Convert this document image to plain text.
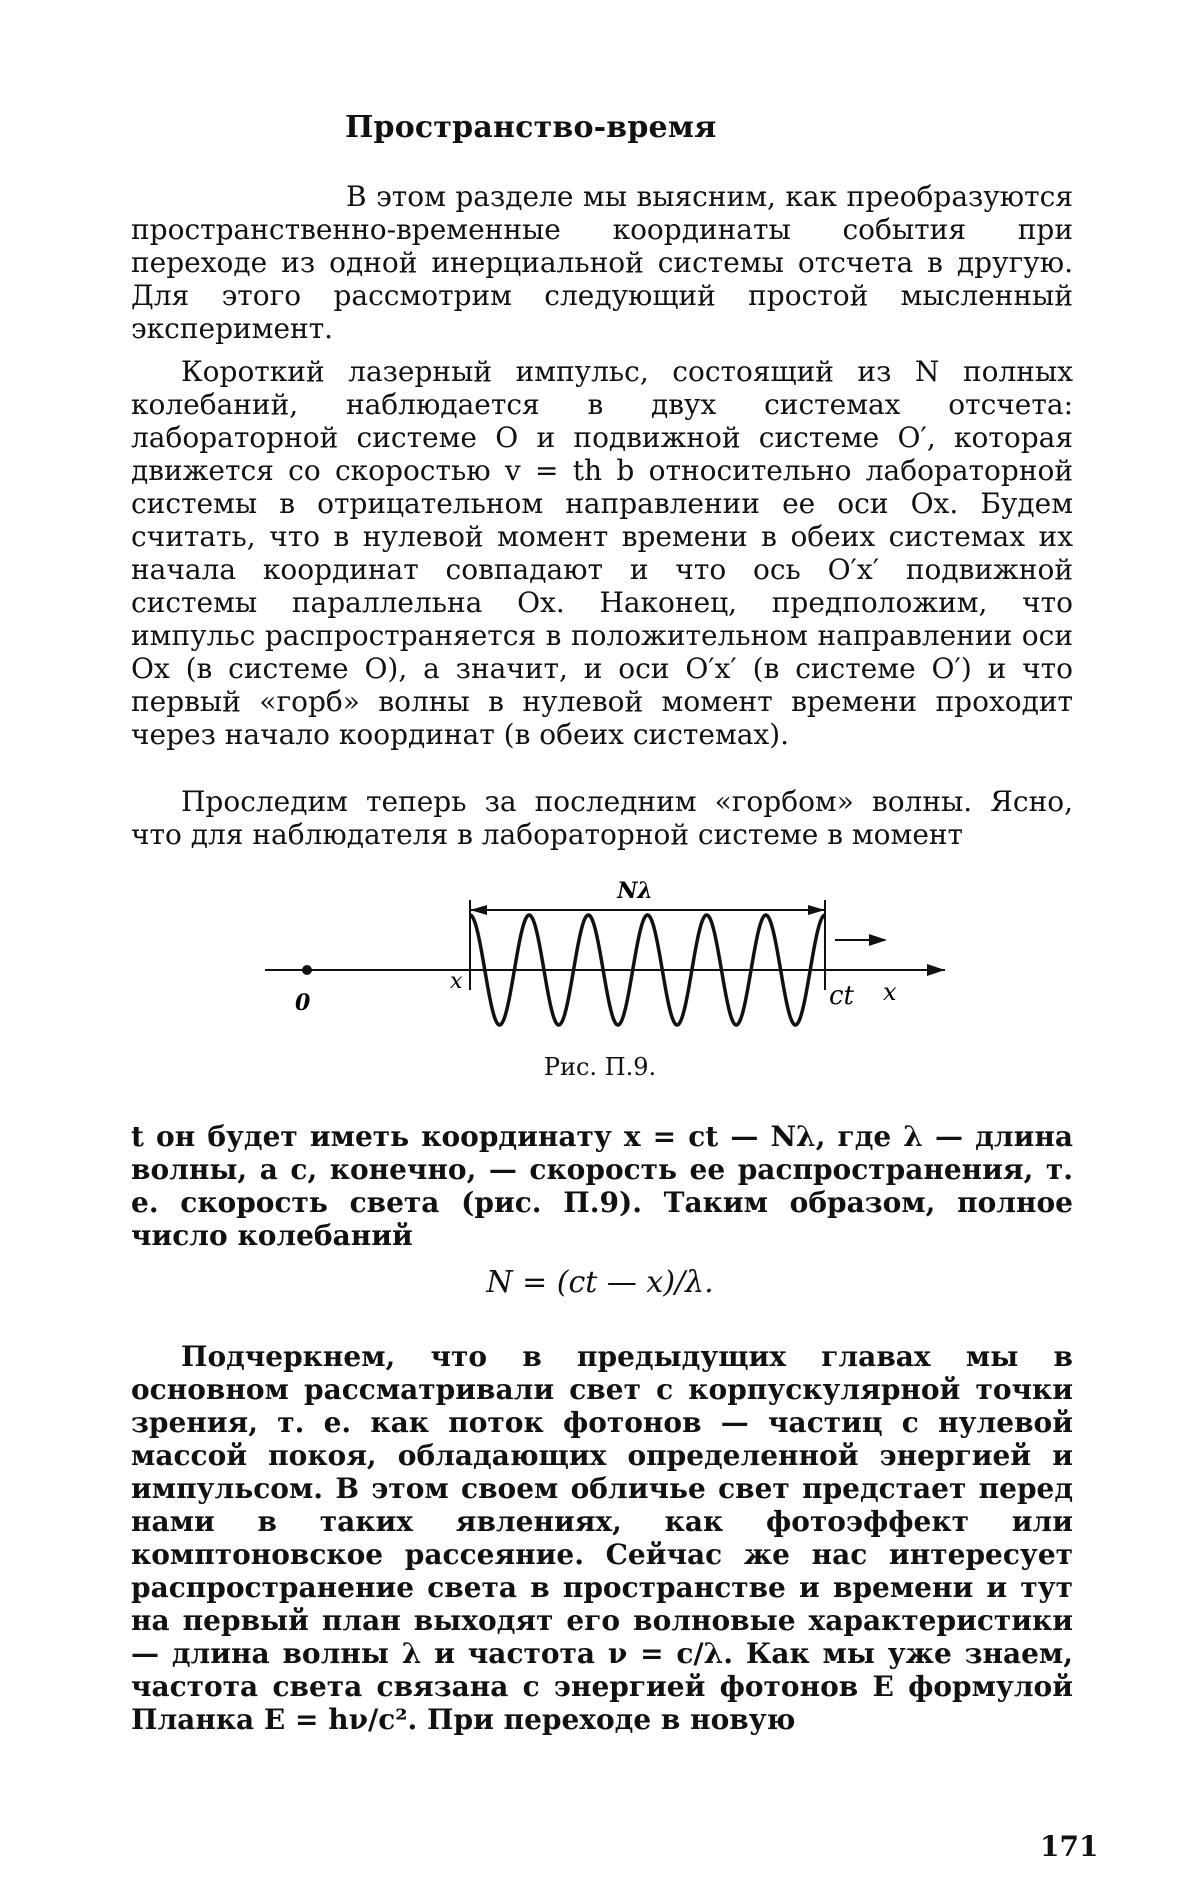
Пространство-время

В этом разделе мы выясним, как преобразуются пространственно-временные координаты события при переходе из одной инерциальной системы отсчета в другую. Для этого рассмотрим следующий простой мысленный эксперимент.

Короткий лазерный импульс, состоящий из N полных колебаний, наблюдается в двух системах отсчета: лабораторной системе O и подвижной системе O′, которая движется со скоростью v = th b относительно лабораторной системы в отрицательном направлении ее оси Ox. Будем считать, что в нулевой момент времени в обеих системах их начала координат совпадают и что ось O′x′ подвижной системы параллельна Ox. Наконец, предположим, что импульс распространяется в положительном направлении оси Ox (в системе O), а значит, и оси O′x′ (в системе O′) и что первый «горб» волны в нулевой момент времени проходит через начало координат (в обеих системах).

Проследим теперь за последним «горбом» волны. Ясно, что для наблюдателя в лабораторной системе в момент

Nλ
0
x	ct x
Рис. П.9.

t он будет иметь координату x = ct — Nλ, где λ — длина волны, а c, конечно, — скорость ее распространения, т. е. скорость света (рис. П.9). Таким образом, полное число колебаний

N = (ct — x)/λ.

Подчеркнем, что в предыдущих главах мы в основном рассматривали свет с корпускулярной точки зрения, т. е. как поток фотонов — частиц с нулевой массой покоя, обладающих определенной энергией и импульсом. В этом своем обличье свет предстает перед нами в таких явлениях, как фотоэффект или комптоновское рассеяние. Сейчас же нас интересует распространение света в пространстве и времени и тут на первый план выходят его волновые характеристики — длина волны λ и частота ν = c/λ. Как мы уже знаем, частота света связана с энергией фотонов E формулой Планка E = hν/c². При переходе в новую

171
